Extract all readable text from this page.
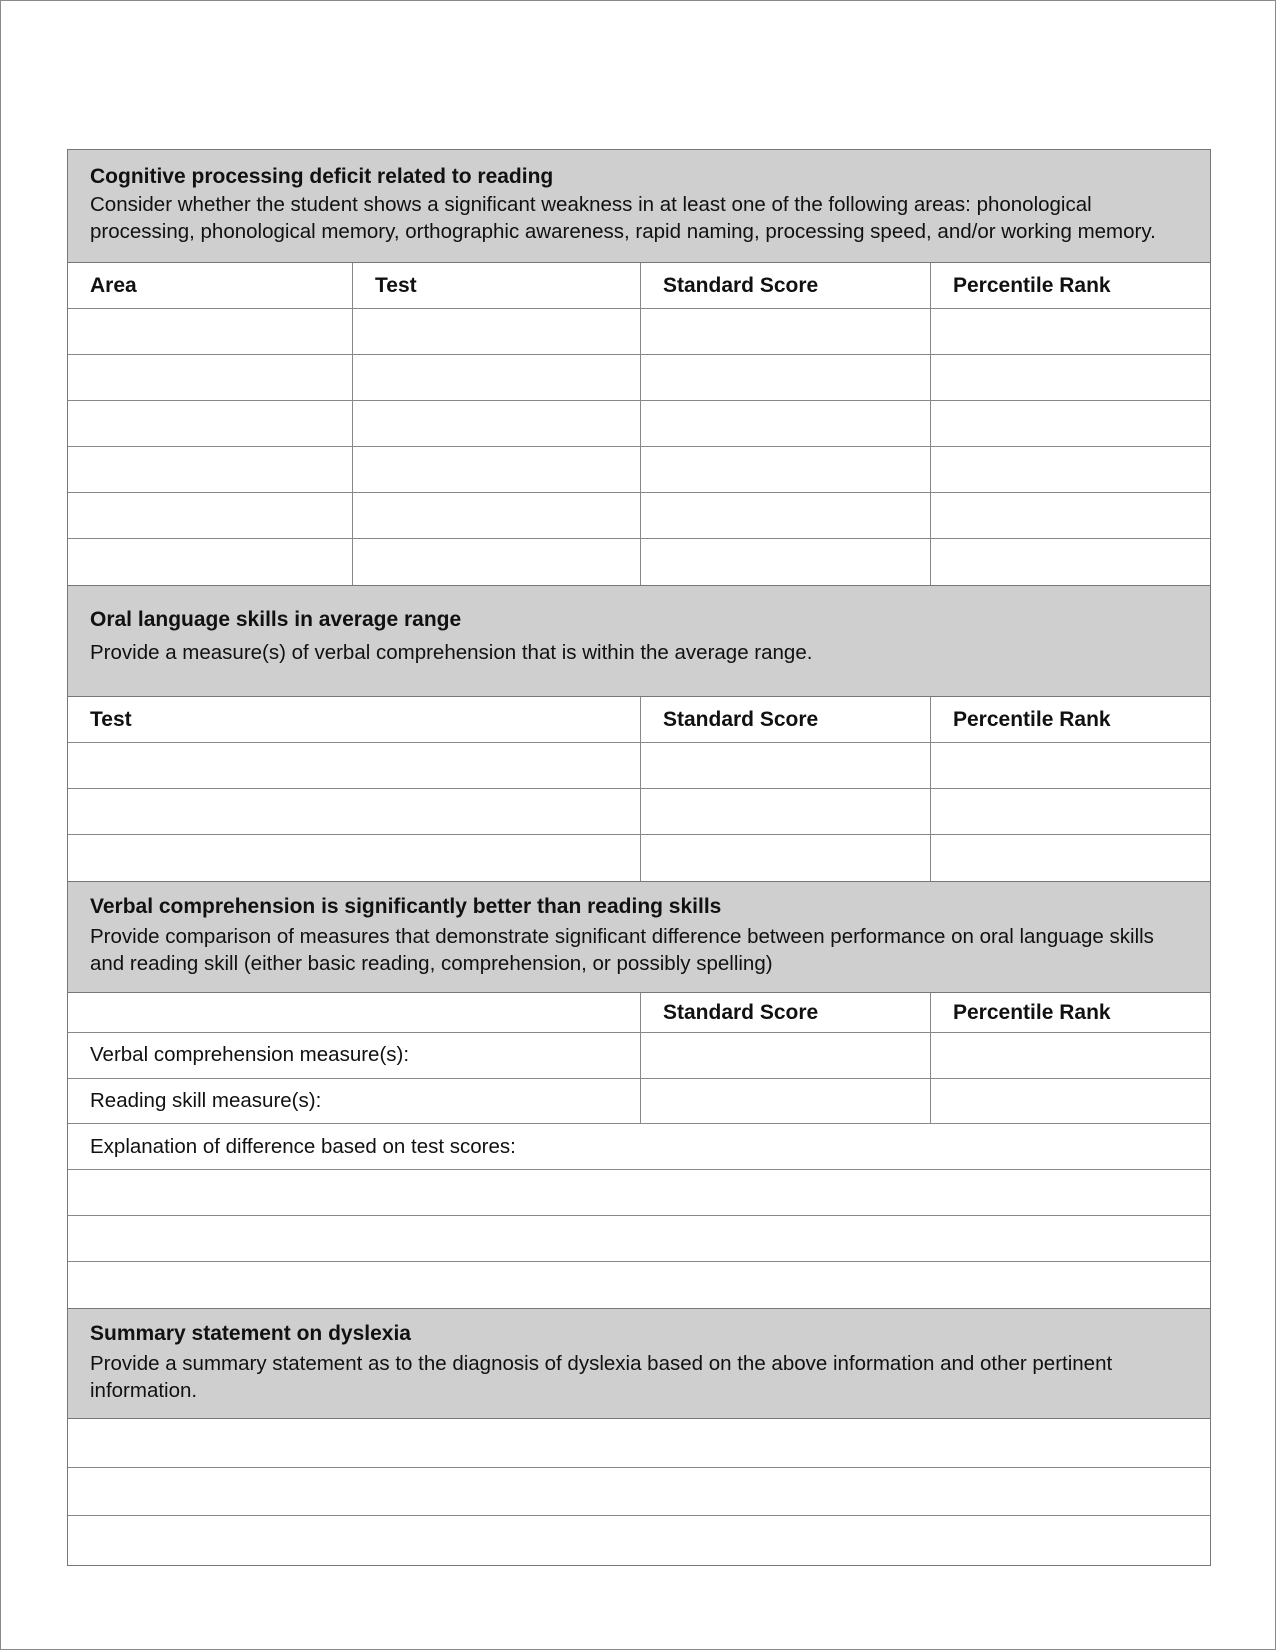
Cognitive processing deficit related to reading
Consider whether the student shows a significant weakness in at least one of the following areas: phonological processing, phonological memory, orthographic awareness, rapid naming, processing speed, and/or working memory.
Area	Test	Standard Score	Percentile Rank
Oral language skills in average range
Provide a measure(s) of verbal comprehension that is within the average range.
Test	Standard Score	Percentile Rank
Verbal comprehension is significantly better than reading skills
Provide comparison of measures that demonstrate significant difference between performance on oral language skills and reading skill (either basic reading, comprehension, or possibly spelling)
Standard Score	Percentile Rank
Verbal comprehension measure(s):
Reading skill measure(s):
Explanation of difference based on test scores:
Summary statement on dyslexia
Provide a summary statement as to the diagnosis of dyslexia based on the above information and other pertinent information.
